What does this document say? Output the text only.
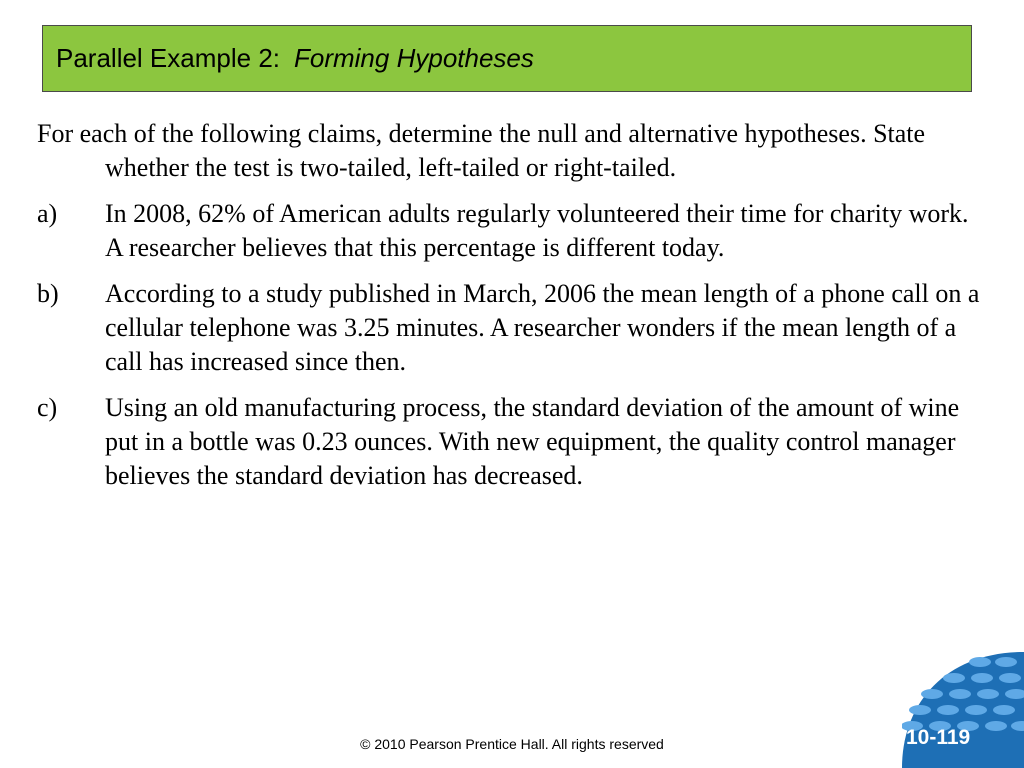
Parallel Example 2: Forming Hypotheses

For each of the following claims, determine the null and alternative hypotheses. State whether the test is two-tailed, left-tailed or right-tailed.

a)	In 2008, 62% of American adults regularly volunteered their time for charity work. A researcher believes that this percentage is different today.
b)	According to a study published in March, 2006 the mean length of a phone call on a cellular telephone was 3.25 minutes. A researcher wonders if the mean length of a call has increased since then.
c)	Using an old manufacturing process, the standard deviation of the amount of wine put in a bottle was 0.23 ounces. With new equipment, the quality control manager believes the standard deviation has decreased.
10-119
© 2010 Pearson Prentice Hall. All rights reserved
